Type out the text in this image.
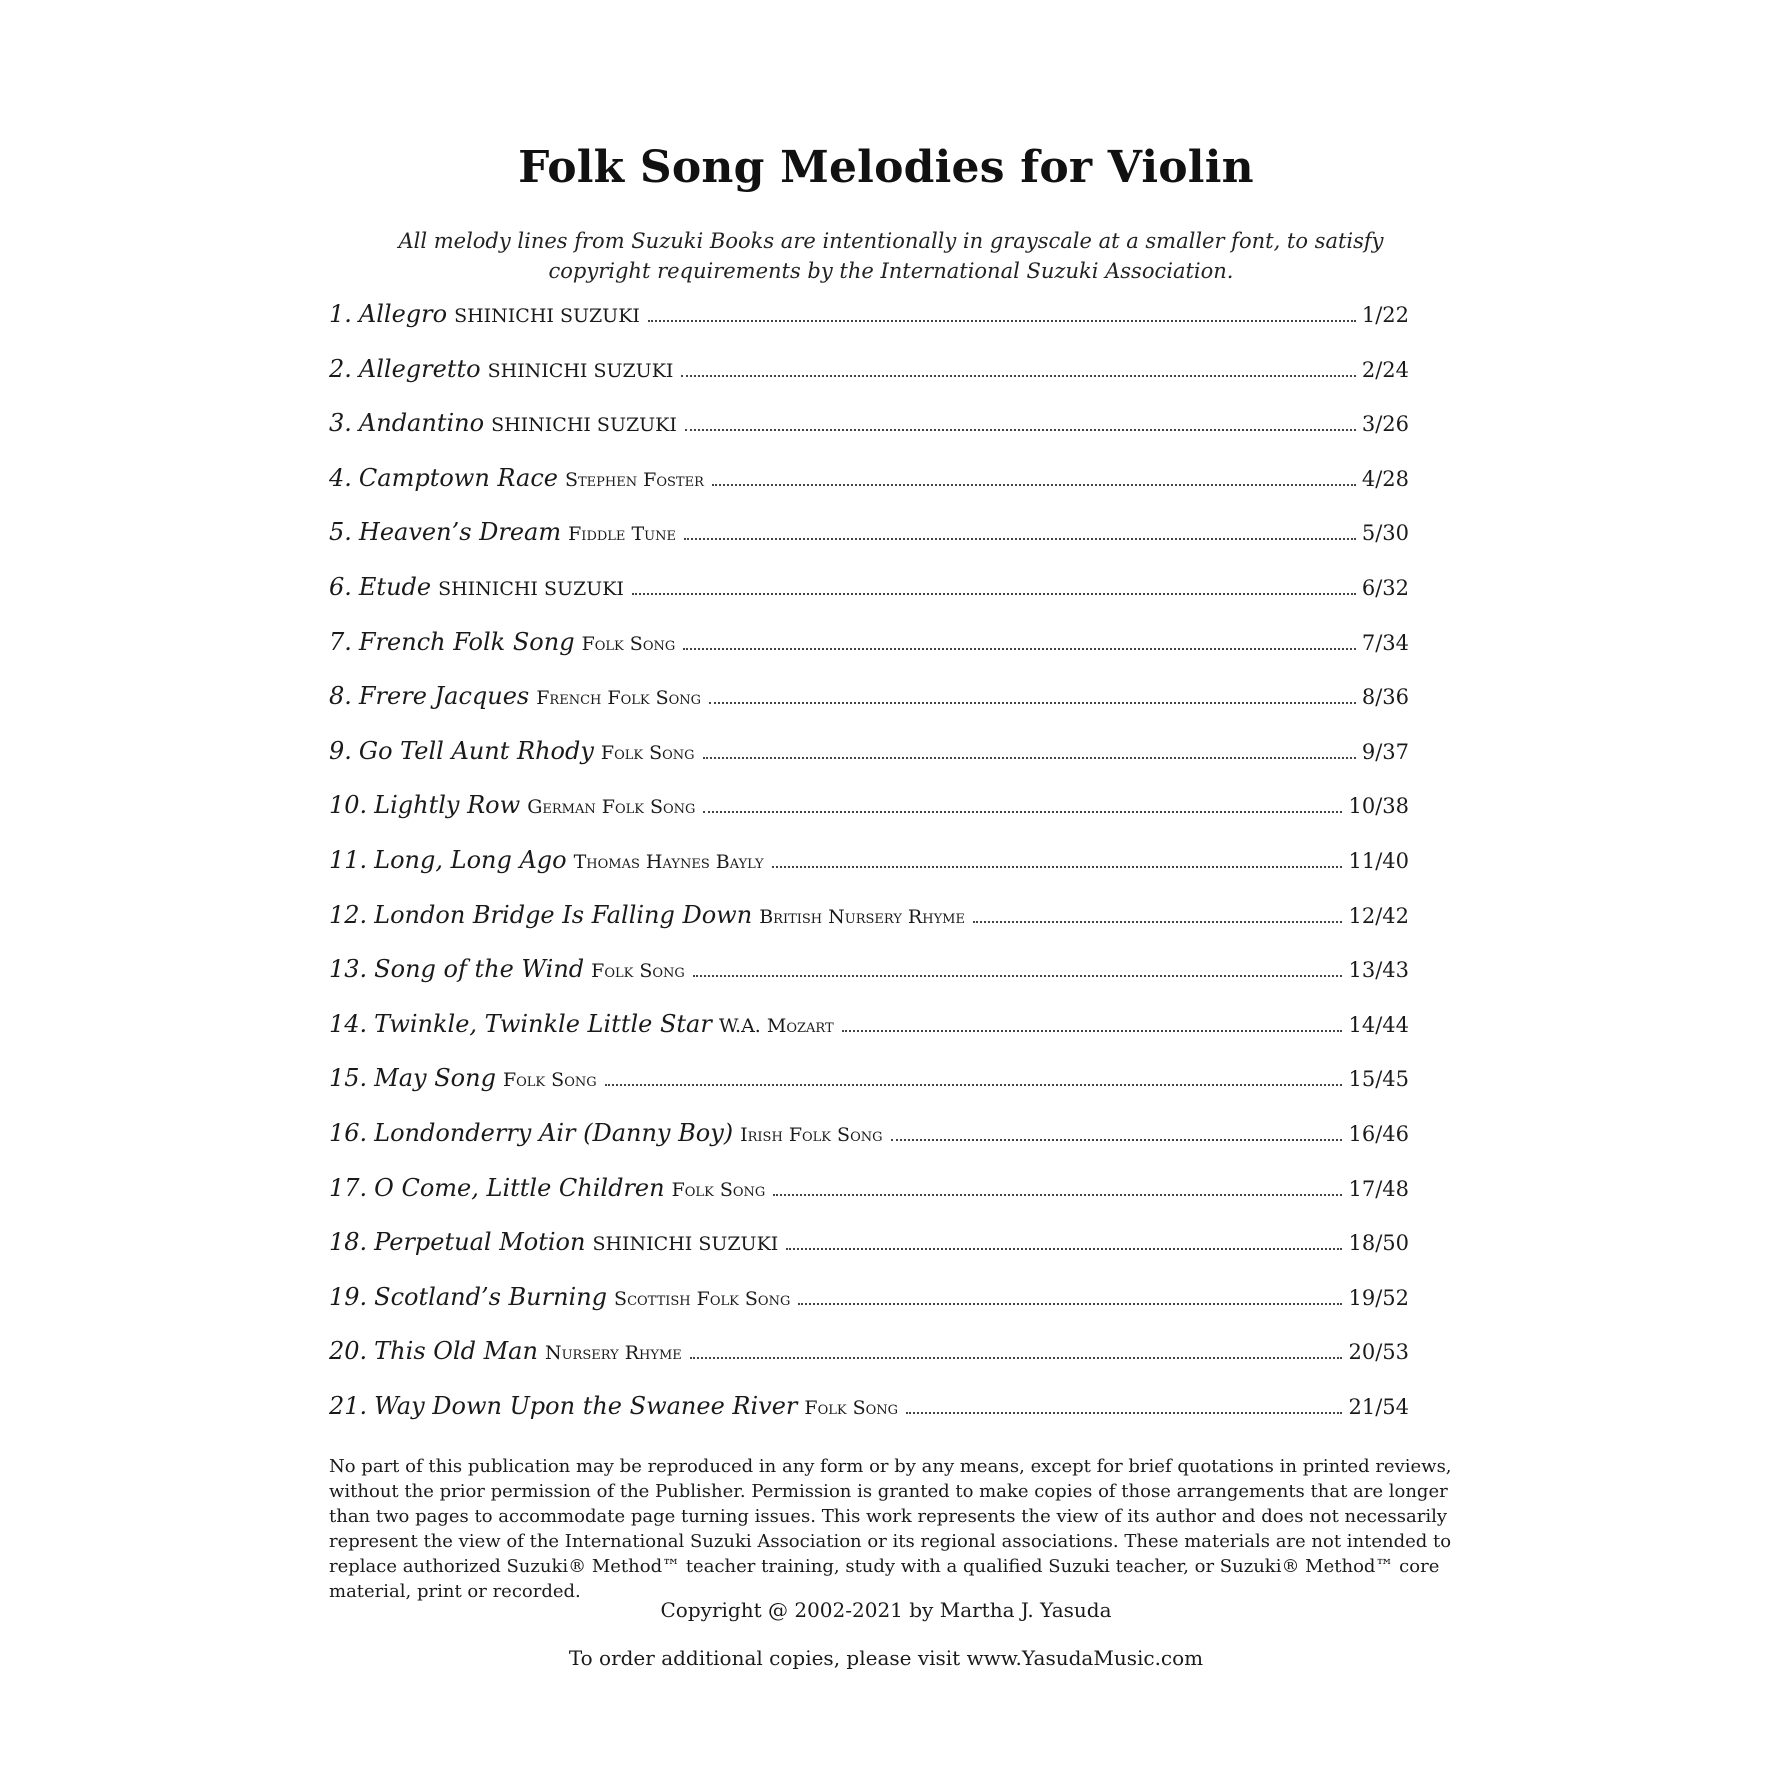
Folk Song Melodies for Violin
All melody lines from Suzuki Books are intentionally in grayscale at a smaller font, to satisfy copyright requirements by the International Suzuki Association.
1. Allegro SHINICHI SUZUKI	1/22
2. Allegretto SHINICHI SUZUKI	2/24
3. Andantino SHINICHI SUZUKI	3/26
4. Camptown Race Stephen Foster	4/28
5. Heaven’s Dream Fiddle Tune	5/30
6. Etude SHINICHI SUZUKI	6/32
7. French Folk Song Folk Song	7/34
8. Frere Jacques French Folk Song	8/36
9. Go Tell Aunt Rhody Folk Song	9/37
10. Lightly Row German Folk Song	10/38
11. Long, Long Ago Thomas Haynes Bayly	11/40
12. London Bridge Is Falling Down British Nursery Rhyme	12/42
13. Song of the Wind Folk Song	13/43
14. Twinkle, Twinkle Little Star W.A. Mozart	14/44
15. May Song Folk Song	15/45
16. Londonderry Air (Danny Boy) Irish Folk Song	16/46
17. O Come, Little Children Folk Song	17/48
18. Perpetual Motion SHINICHI SUZUKI	18/50
19. Scotland’s Burning Scottish Folk Song	19/52
20. This Old Man Nursery Rhyme	20/53
21. Way Down Upon the Swanee River Folk Song	21/54
No part of this publication may be reproduced in any form or by any means, except for brief quotations in printed reviews, without the prior permission of the Publisher. Permission is granted to make copies of those arrangements that are longer than two pages to accommodate page turning issues. This work represents the view of its author and does not necessarily represent the view of the International Suzuki Association or its regional associations. These materials are not intended to replace authorized Suzuki® Method™ teacher training, study with a qualified Suzuki teacher, or Suzuki® Method™ core material, print or recorded.
Copyright @ 2002-2021 by Martha J. Yasuda
To order additional copies, please visit www.YasudaMusic.com
